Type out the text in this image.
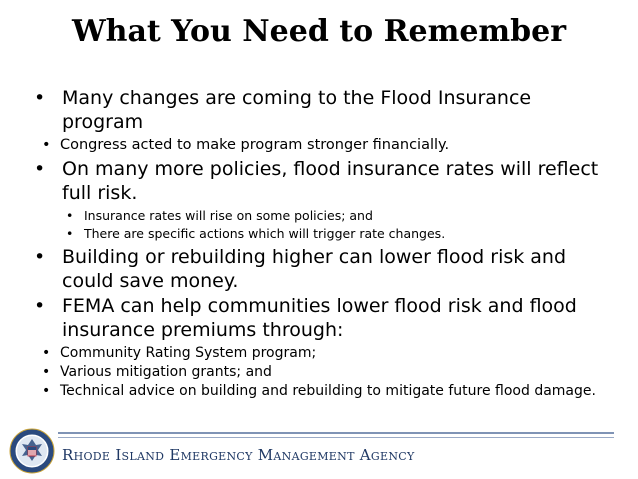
What You Need to Remember
• Many changes are coming to the Flood Insurance program
• Congress acted to make program stronger financially.
• On many more policies, flood insurance rates will reflect full risk.
• Insurance rates will rise on some policies; and
• There are specific actions which will trigger rate changes.
• Building or rebuilding higher can lower flood risk and could save money.
• FEMA can help communities lower flood risk and flood insurance premiums through:
• Community Rating System program;
• Various mitigation grants; and
• Technical advice on building and rebuilding to mitigate future flood damage.
Rhode Island Emergency Management Agency
